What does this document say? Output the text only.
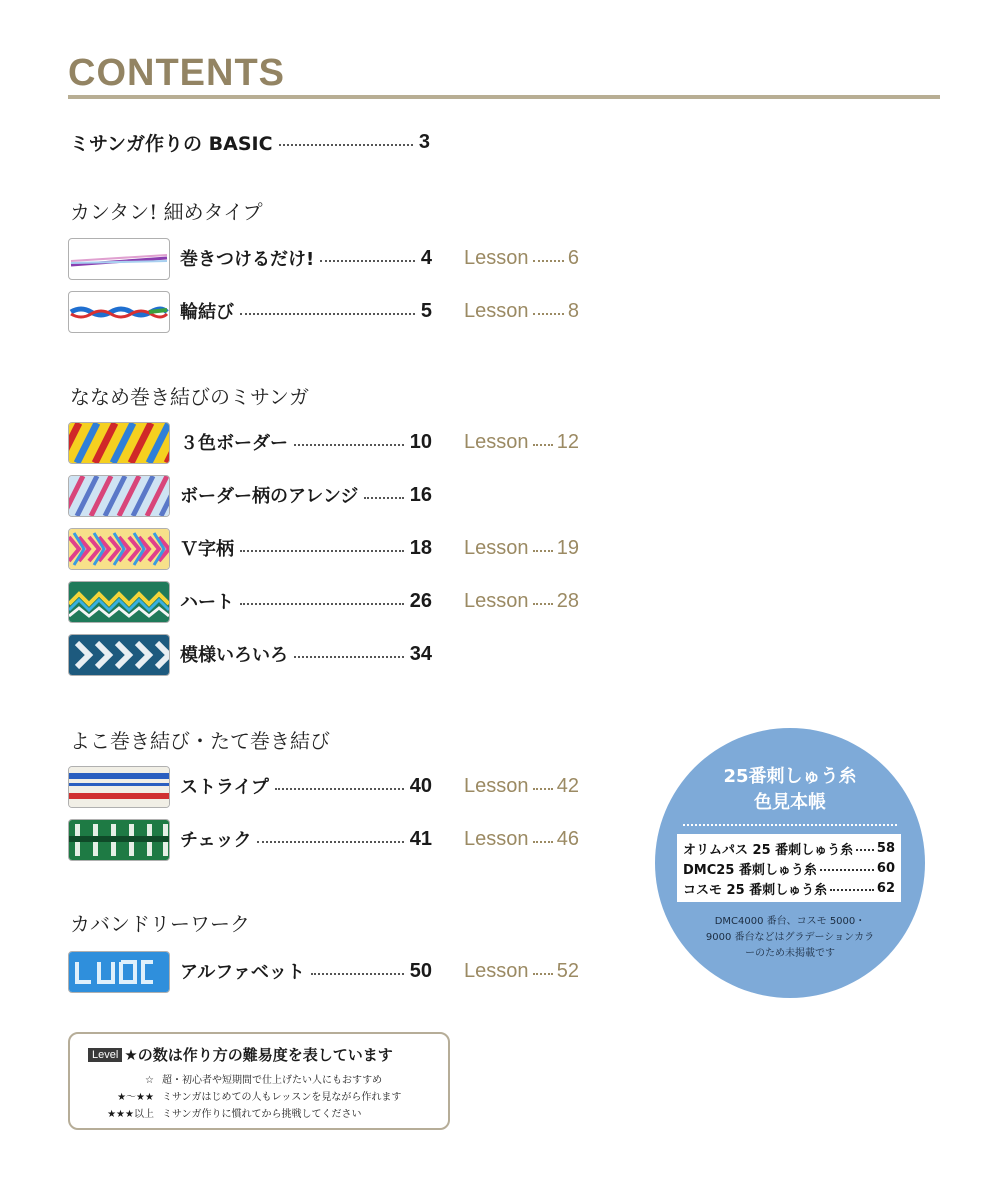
CONTENTS
ミサンガ作りの BASIC	3
カンタン! 細めタイプ
巻きつけるだけ!	4 Lesson 6
輪結び	5 Lesson 8
ななめ巻き結びのミサンガ
３色ボーダー	10 Lesson 12
ボーダー柄のアレンジ	16
Ｖ字柄	18 Lesson 19
ハート	26 Lesson 28
模様いろいろ	34
よこ巻き結び・たて巻き結び
ストライプ	40 Lesson 42
チェック	41 Lesson 46
カバンドリーワーク
アルファベット	50 Lesson 52
25番刺しゅう糸
色見本帳
オリムパス 25 番刺しゅう糸 58
DMC25 番刺しゅう糸	60
コスモ 25 番刺しゅう糸	62
DMC4000 番台、コスモ 5000・9000 番台などはグラデーションカラーのため未掲載です
Level ★の数は作り方の難易度を表しています
☆ 超・初心者や短期間で仕上げたい人にもおすすめ
★〜★★ ミサンガはじめての人もレッスンを見ながら作れます
★★★以上 ミサンガ作りに慣れてから挑戦してください
